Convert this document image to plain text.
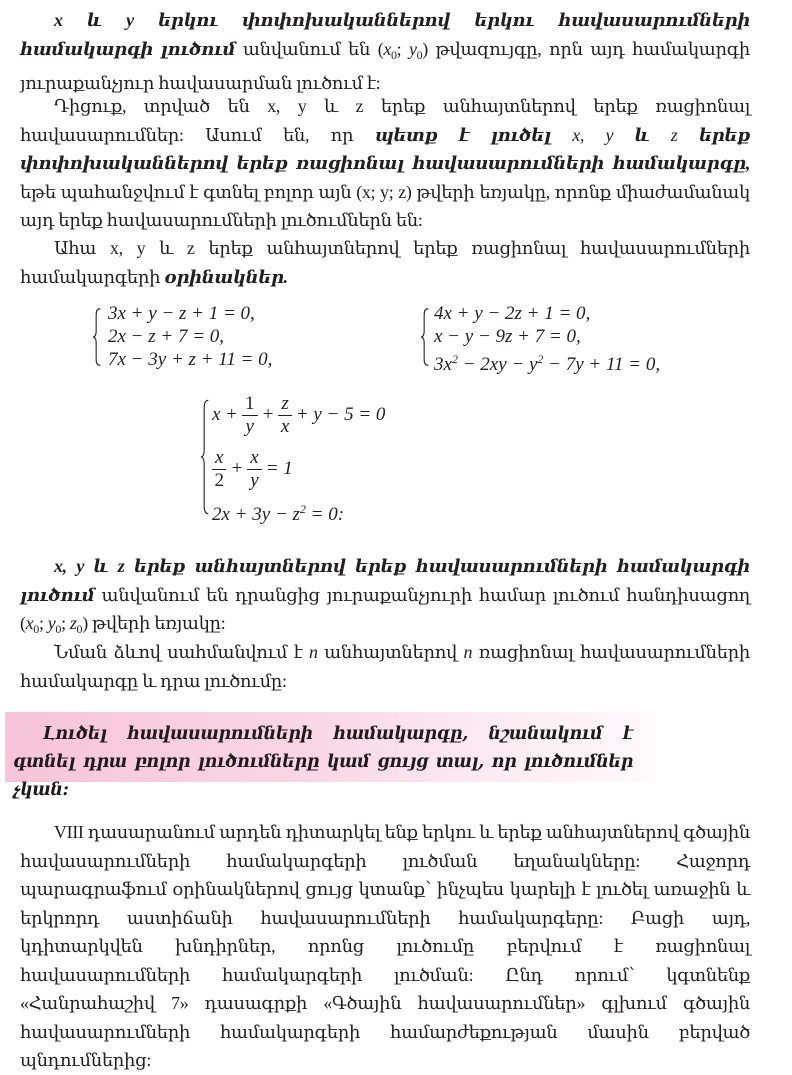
x և y երկու փոփոխականներով երկու հավասարումների համակարգի լուծում անվանում են ($x_0$; $y_0$) թվազույգը, որն այդ համակարգի յուրաքանչյուր հավասարման լուծում է:

Դիցուք, տրված են x, y և z երեք անհայտներով երեք ռացիոնալ հավասարումներ: Ասում են, որ պետք է լուծել x, y և z երեք փոփոխականներով երեք ռացիոնալ հավասարումների համակարգը, եթե պահանջվում է գտնել բոլոր այն (x; y; z) թվերի եռյակը, որոնք միաժամանակ այդ երեք հավասարումների լուծումներն են:

Ահա x, y և z երեք անհայտներով երեք ռացիոնալ հավասարումների համակարգերի օրինակներ.

3x + y − z + 1 = 0,
2x − z + 7 = 0,
7x − 3y + z + 11 = 0,
4x + y − 2z + 1 = 0,
x − y − 9z + 7 = 0,
$3x^2 - 2xy - y^2 - 7y + 11 = 0$,
$x + \frac{1}{y} + \frac{z}{x} + y - 5 = 0$
$\frac{x}{2} + \frac{x}{y} = 1$
$2x + 3y - z^2 = 0$:

x, y և z երեք անհայտներով երեք հավասարումների համակարգի լուծում անվանում են դրանցից յուրաքանչյուրի համար լուծում հանդիսացող ($x_0$; $y_0$; $z_0$) թվերի եռյակը:

Նման ձևով սահմանվում է n անհայտներով n ռացիոնալ հավասարումների համակարգը և դրա լուծումը:

Լուծել հավասարումների համակարգը, նշանակում է գտնել դրա բոլոր լուծումները կամ ցույց տալ, որ լուծումներ չկան:

VIII դասարանում արդեն դիտարկել ենք երկու և երեք անհայտներով գծային հավասարումների համակարգերի լուծման եղանակները: Հաջորդ պարագրաֆում օրինակներով ցույց կտանք՝ ինչպես կարելի է լուծել առաջին և երկրորդ աստիճանի հավասարումների համակարգերը: Բացի այդ, կդիտարկվեն խնդիրներ, որոնց լուծումը բերվում է ռացիոնալ հավասարումների համակարգերի լուծման: Ընդ որում՝ կգտնենք «Հանրահաշիվ 7» դասագրքի «Գծային հավասարումներ» գլխում գծային հավասարումների համակարգերի համարժեքության մասին բերված պնդումներից:
